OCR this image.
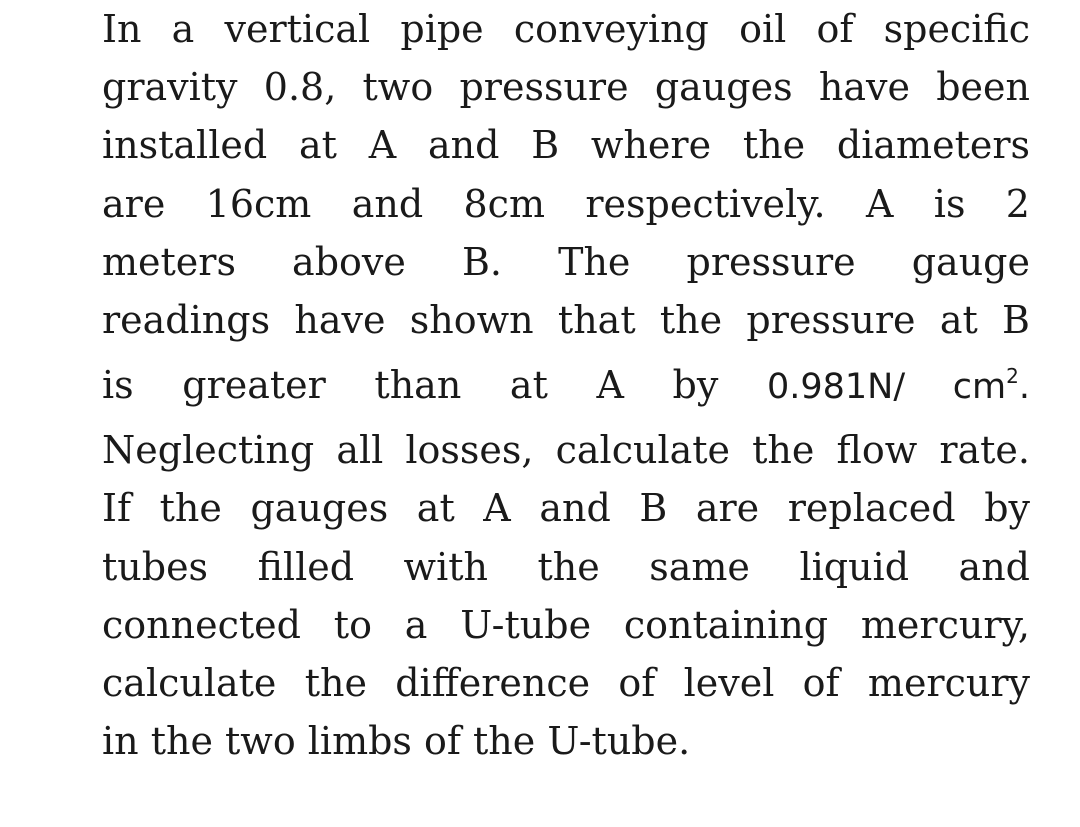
In a vertical pipe conveying oil of specific
gravity 0.8, two pressure gauges have been
installed at A and B where the diameters
are 16cm and 8cm respectively. A is 2
meters above B. The pressure gauge
readings have shown that the pressure at B
is greater than at A by 0.981N/ $cm^2$.
Neglecting all losses, calculate the flow rate.
If the gauges at A and B are replaced by
tubes filled with the same liquid and
connected to a U-tube containing mercury,
calculate the difference of level of mercury
in the two limbs of the U-tube.
